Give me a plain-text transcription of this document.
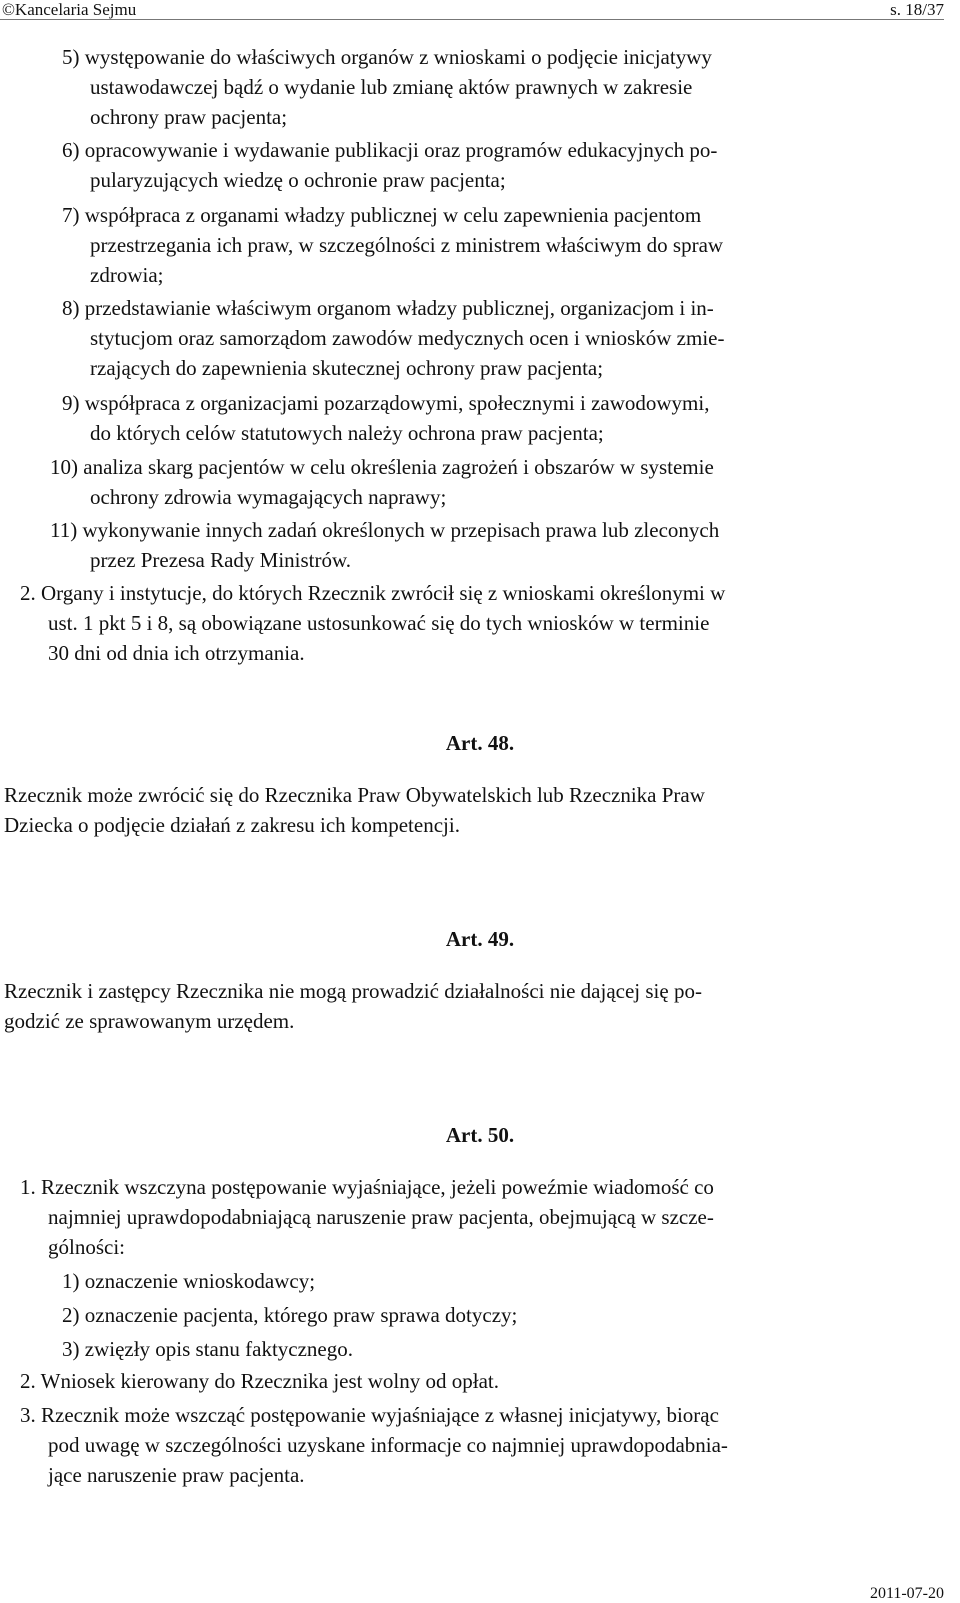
©Kancelaria Sejmu	s. 18/37
5) występowanie do właściwych organów z wnioskami o podjęcie inicjatywy
ustawodawczej bądź o wydanie lub zmianę aktów prawnych w zakresie
ochrony praw pacjenta;
6) opracowywanie i wydawanie publikacji oraz programów edukacyjnych po-
pularyzujących wiedzę o ochronie praw pacjenta;
7) współpraca z organami władzy publicznej w celu zapewnienia pacjentom
przestrzegania ich praw, w szczególności z ministrem właściwym do spraw
zdrowia;
8) przedstawianie właściwym organom władzy publicznej, organizacjom i in-
stytucjom oraz samorządom zawodów medycznych ocen i wniosków zmie-
rzających do zapewnienia skutecznej ochrony praw pacjenta;
9) współpraca z organizacjami pozarządowymi, społecznymi i zawodowymi,
do których celów statutowych należy ochrona praw pacjenta;
10) analiza skarg pacjentów w celu określenia zagrożeń i obszarów w systemie
ochrony zdrowia wymagających naprawy;
11) wykonywanie innych zadań określonych w przepisach prawa lub zleconych
przez Prezesa Rady Ministrów.
2. Organy i instytucje, do których Rzecznik zwrócił się z wnioskami określonymi w
ust. 1 pkt 5 i 8, są obowiązane ustosunkować się do tych wniosków w terminie
30 dni od dnia ich otrzymania.
Art. 48.
Rzecznik może zwrócić się do Rzecznika Praw Obywatelskich lub Rzecznika Praw
Dziecka o podjęcie działań z zakresu ich kompetencji.
Art. 49.
Rzecznik i zastępcy Rzecznika nie mogą prowadzić działalności nie dającej się po-
godzić ze sprawowanym urzędem.
Art. 50.
1. Rzecznik wszczyna postępowanie wyjaśniające, jeżeli poweźmie wiadomość co
najmniej uprawdopodabniającą naruszenie praw pacjenta, obejmującą w szcze-
gólności:
1) oznaczenie wnioskodawcy;
2) oznaczenie pacjenta, którego praw sprawa dotyczy;
3) zwięzły opis stanu faktycznego.
2. Wniosek kierowany do Rzecznika jest wolny od opłat.
3. Rzecznik może wszcząć postępowanie wyjaśniające z własnej inicjatywy, biorąc
pod uwagę w szczególności uzyskane informacje co najmniej uprawdopodabnia-
jące naruszenie praw pacjenta.
2011-07-20
